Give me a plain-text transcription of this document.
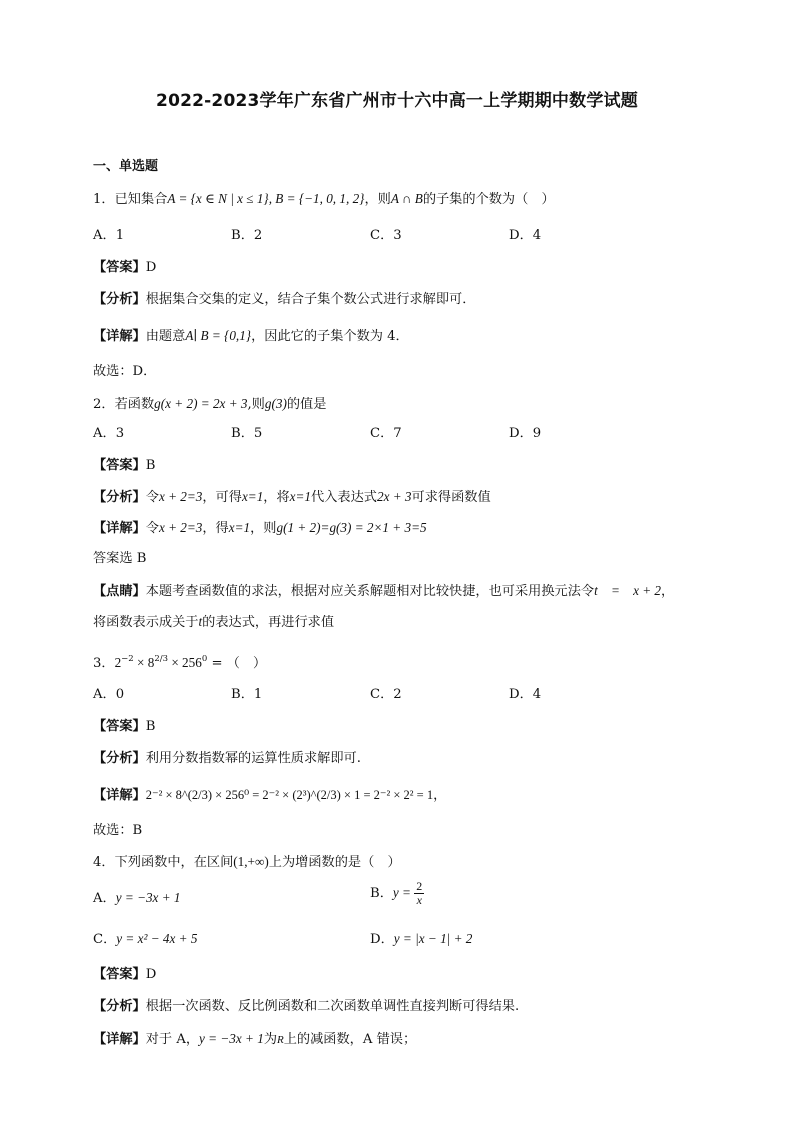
2022-2023学年广东省广州市十六中高一上学期期中数学试题
一、单选题
1．已知集合A = {x ∈ N | x ≤ 1}, B = {−1, 0, 1, 2}，则A ∩ B的子集的个数为（　）
A．1	B．2	C．3	D．4
【答案】D
【分析】根据集合交集的定义，结合子集个数公式进行求解即可．
【详解】由题意A∣ B = {0,1}，因此它的子集个数为 4．
故选：D．
2．若函数g(x + 2) = 2x + 3,则g(3)的值是
A．3	B．5	C．7	D．9
【答案】B
【分析】令x + 2=3，可得x=1，将x=1代入表达式2x + 3可求得函数值
【详解】令x + 2=3，得x=1，则g(1 + 2)=g(3) = 2×1 + 3=5
答案选 B
【点睛】本题考查函数值的求法，根据对应关系解题相对比较快捷，也可采用换元法令t　=　x + 2，
将函数表示成关于t的表达式，再进行求值
3．$2^{-2} \times 8^{2/3} \times 256^0$ = （　）
A．0	B．1	C．2	D．4
【答案】B
【分析】利用分数指数幂的运算性质求解即可.
【详解】2⁻² × 8^(2/3) × 256⁰ = 2⁻² × (2³)^(2/3) × 1 = 2⁻² × 2² = 1，
故选：B
4．下列函数中，在区间(1,+∞)上为增函数的是（　）
A．y = −3x + 1	B．$y = \frac{2}{x}$
C．y = x² − 4x + 5	D．y = |x − 1| + 2
【答案】D
【分析】根据一次函数、反比例函数和二次函数单调性直接判断可得结果.
【详解】对于 A，y = −3x + 1为R上的减函数，A 错误；
